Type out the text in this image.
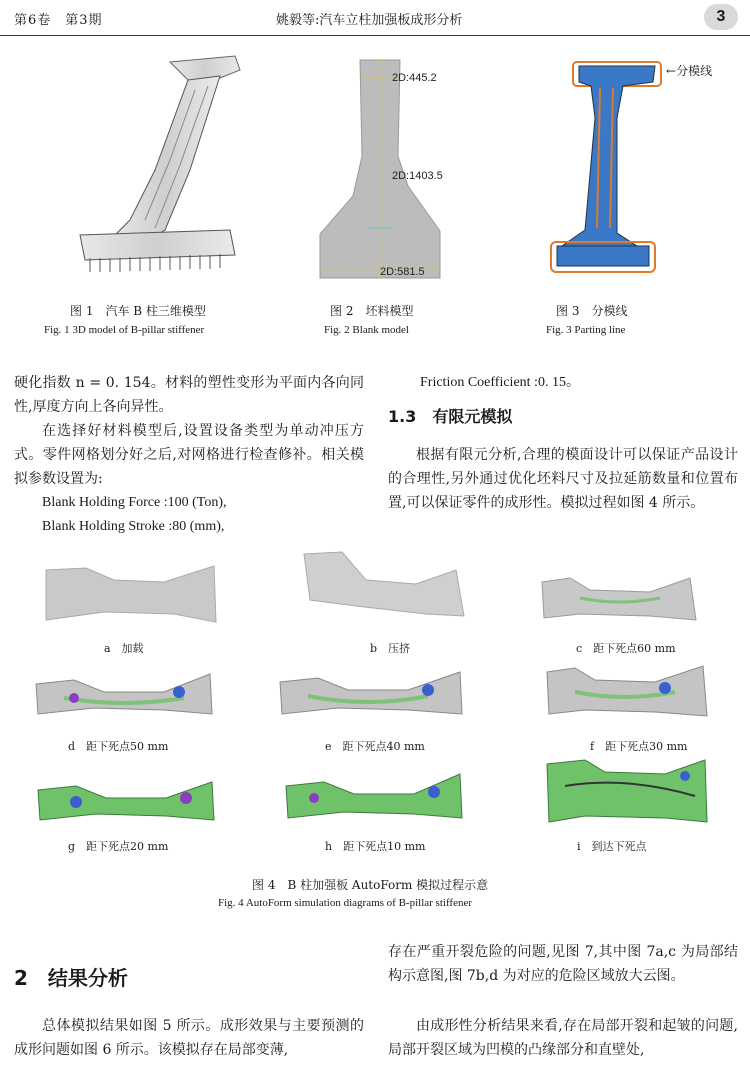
第6卷　第3期	姚毅等:汽车立柱加强板成形分析	3
图 1　汽车 B 柱三维模型
Fig. 1 3D model of B-pillar stiffener
2D:445.2
2D:1403.5
2D:581.5
图 2　坯料模型
Fig. 2 Blank model
←分模线
图 3　分模线
Fig. 3 Parting line
硬化指数 n = 0. 154。材料的塑性变形为平面内各向同性,厚度方向上各向异性。
在选择好材料模型后,设置设备类型为单动冲压方式。零件网格划分好之后,对网格进行检查修补。相关模拟参数设置为:
Blank Holding Force :100 (Ton),
Blank Holding Stroke :80 (mm),
Friction Coefficient :0. 15。
1.3　有限元模拟
根据有限元分析,合理的模面设计可以保证产品设计的合理性,另外通过优化坯料尺寸及拉延筋数量和位置布置,可以保证零件的成形性。模拟过程如图 4 所示。
a　加载	b　压挤	c　距下死点60 mm
d　距下死点50 mm	e　距下死点40 mm	f　距下死点30 mm
g　距下死点20 mm	h　距下死点10 mm	i　到达下死点
图 4　B 柱加强板 AutoForm 模拟过程示意
Fig. 4 AutoForm simulation diagrams of B-pillar stiffener
2　结果分析
总体模拟结果如图 5 所示。成形效果与主要预测的成形问题如图 6 所示。该模拟存在局部变薄,
存在严重开裂危险的问题,见图 7,其中图 7a,c 为局部结构示意图,图 7b,d 为对应的危险区域放大云图。
由成形性分析结果来看,存在局部开裂和起皱的问题,局部开裂区域为凹模的凸缘部分和直壁处,
